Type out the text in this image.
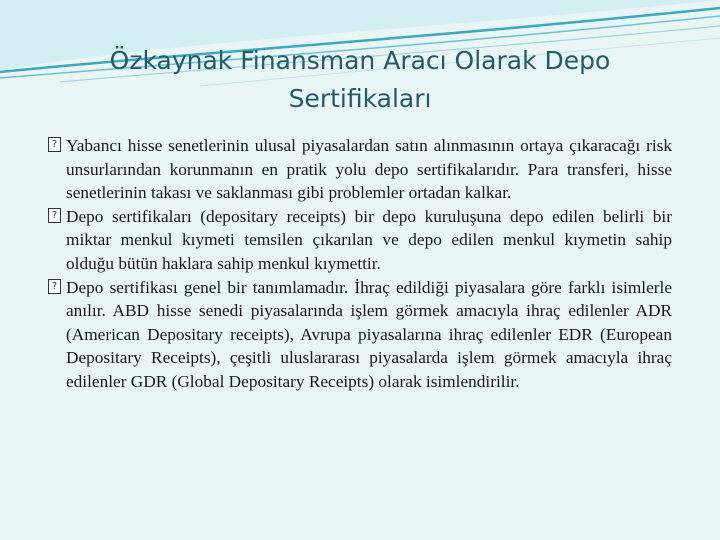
Özkaynak Finansman Aracı Olarak Depo Sertifikaları

? Yabancı hisse senetlerinin ulusal piyasalardan satın alınmasının ortaya çıkaracağı risk unsurlarından korunmanın en pratik yolu depo sertifikalarıdır. Para transferi, hisse senetlerinin takası ve saklanması gibi problemler ortadan kalkar.

? Depo sertifikaları (depositary receipts) bir depo kuruluşuna depo edilen belirli bir miktar menkul kıymeti temsilen çıkarılan ve depo edilen menkul kıymetin sahip olduğu bütün haklara sahip menkul kıymettir.

? Depo sertifikası genel bir tanımlamadır. İhraç edildiği piyasalara göre farklı isimlerle anılır. ABD hisse senedi piyasalarında işlem görmek amacıyla ihraç edilenler ADR (American Depositary receipts), Avrupa piyasalarına ihraç edilenler EDR (European Depositary Receipts), çeşitli uluslararası piyasalarda işlem görmek amacıyla ihraç edilenler GDR (Global Depositary Receipts) olarak isimlendirilir.
